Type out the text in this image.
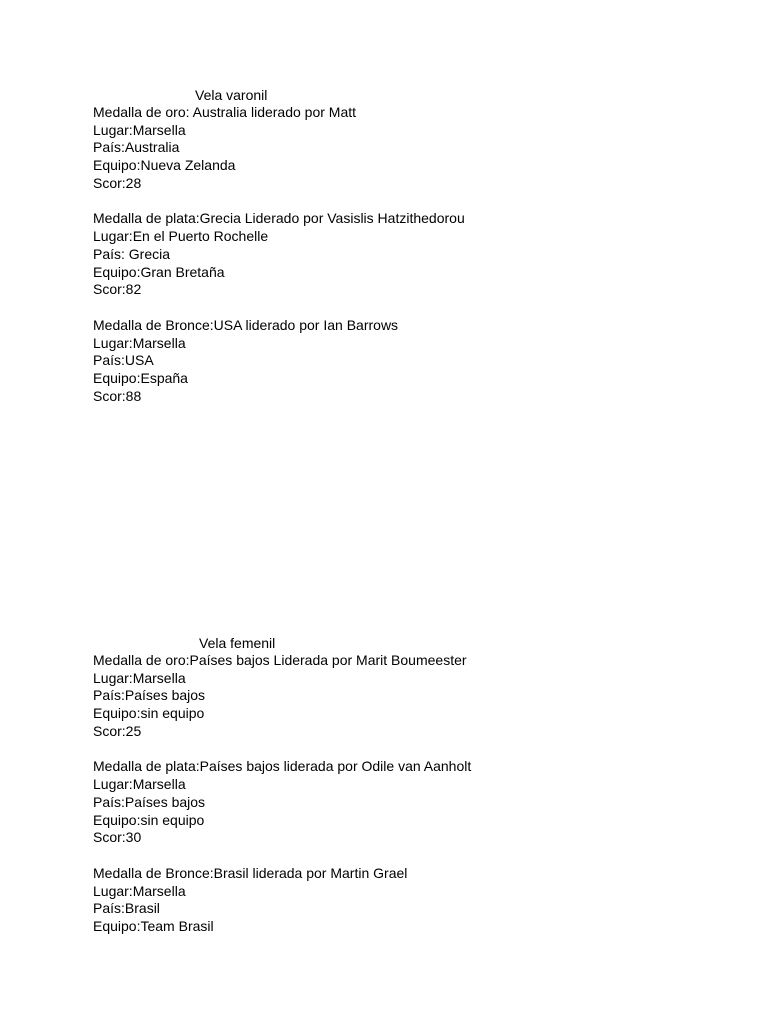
Vela varonil
Medalla de oro: Australia liderado por Matt
Lugar:Marsella
País:Australia
Equipo:Nueva Zelanda
Scor:28
Medalla de plata:Grecia Liderado por Vasislis Hatzithedorou
Lugar:En el Puerto Rochelle
País: Grecia
Equipo:Gran Bretaña
Scor:82
Medalla de Bronce:USA liderado por Ian Barrows
Lugar:Marsella
País:USA
Equipo:España
Scor:88
Vela femenil
Medalla de oro:Países bajos Liderada por Marit Boumeester
Lugar:Marsella
País:Países bajos
Equipo:sin equipo
Scor:25
Medalla de plata:Países bajos liderada por Odile van Aanholt
Lugar:Marsella
País:Países bajos
Equipo:sin equipo
Scor:30
Medalla de Bronce:Brasil liderada por Martin Grael
Lugar:Marsella
País:Brasil
Equipo:Team Brasil
